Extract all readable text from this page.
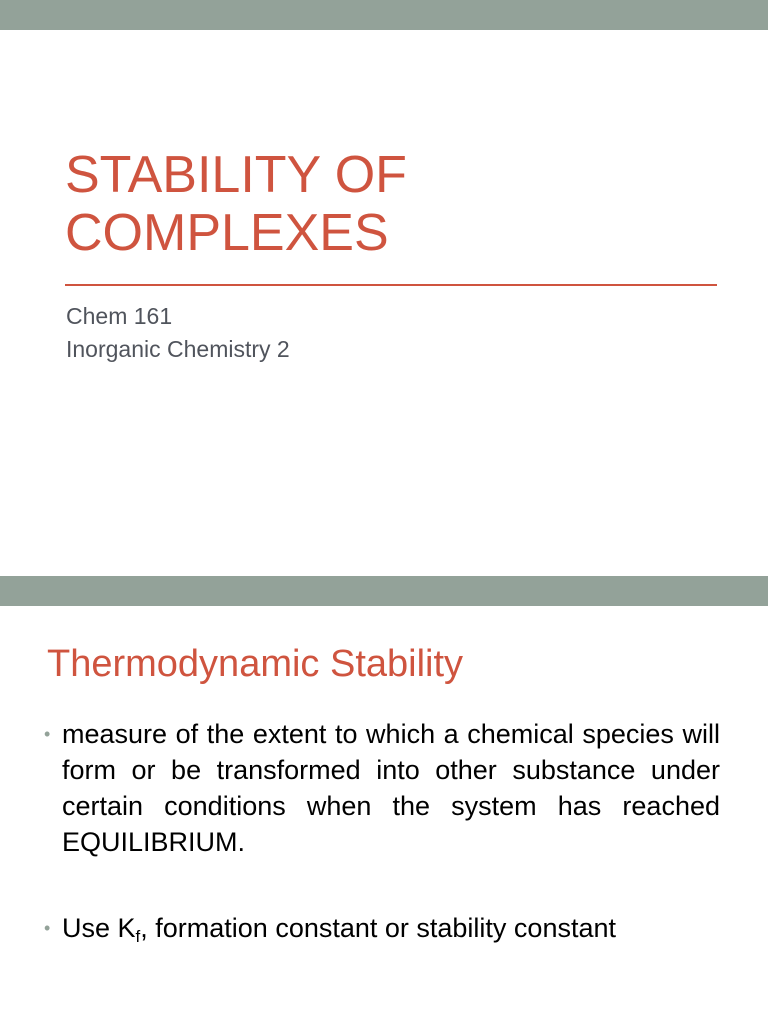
STABILITY OF
COMPLEXES

Chem 161
Inorganic Chemistry 2

Thermodynamic Stability
• measure of the extent to which a chemical species will form or be transformed into other substance under certain conditions when the system has reached EQUILIBRIUM.
• Use $K_f$, formation constant or stability constant
